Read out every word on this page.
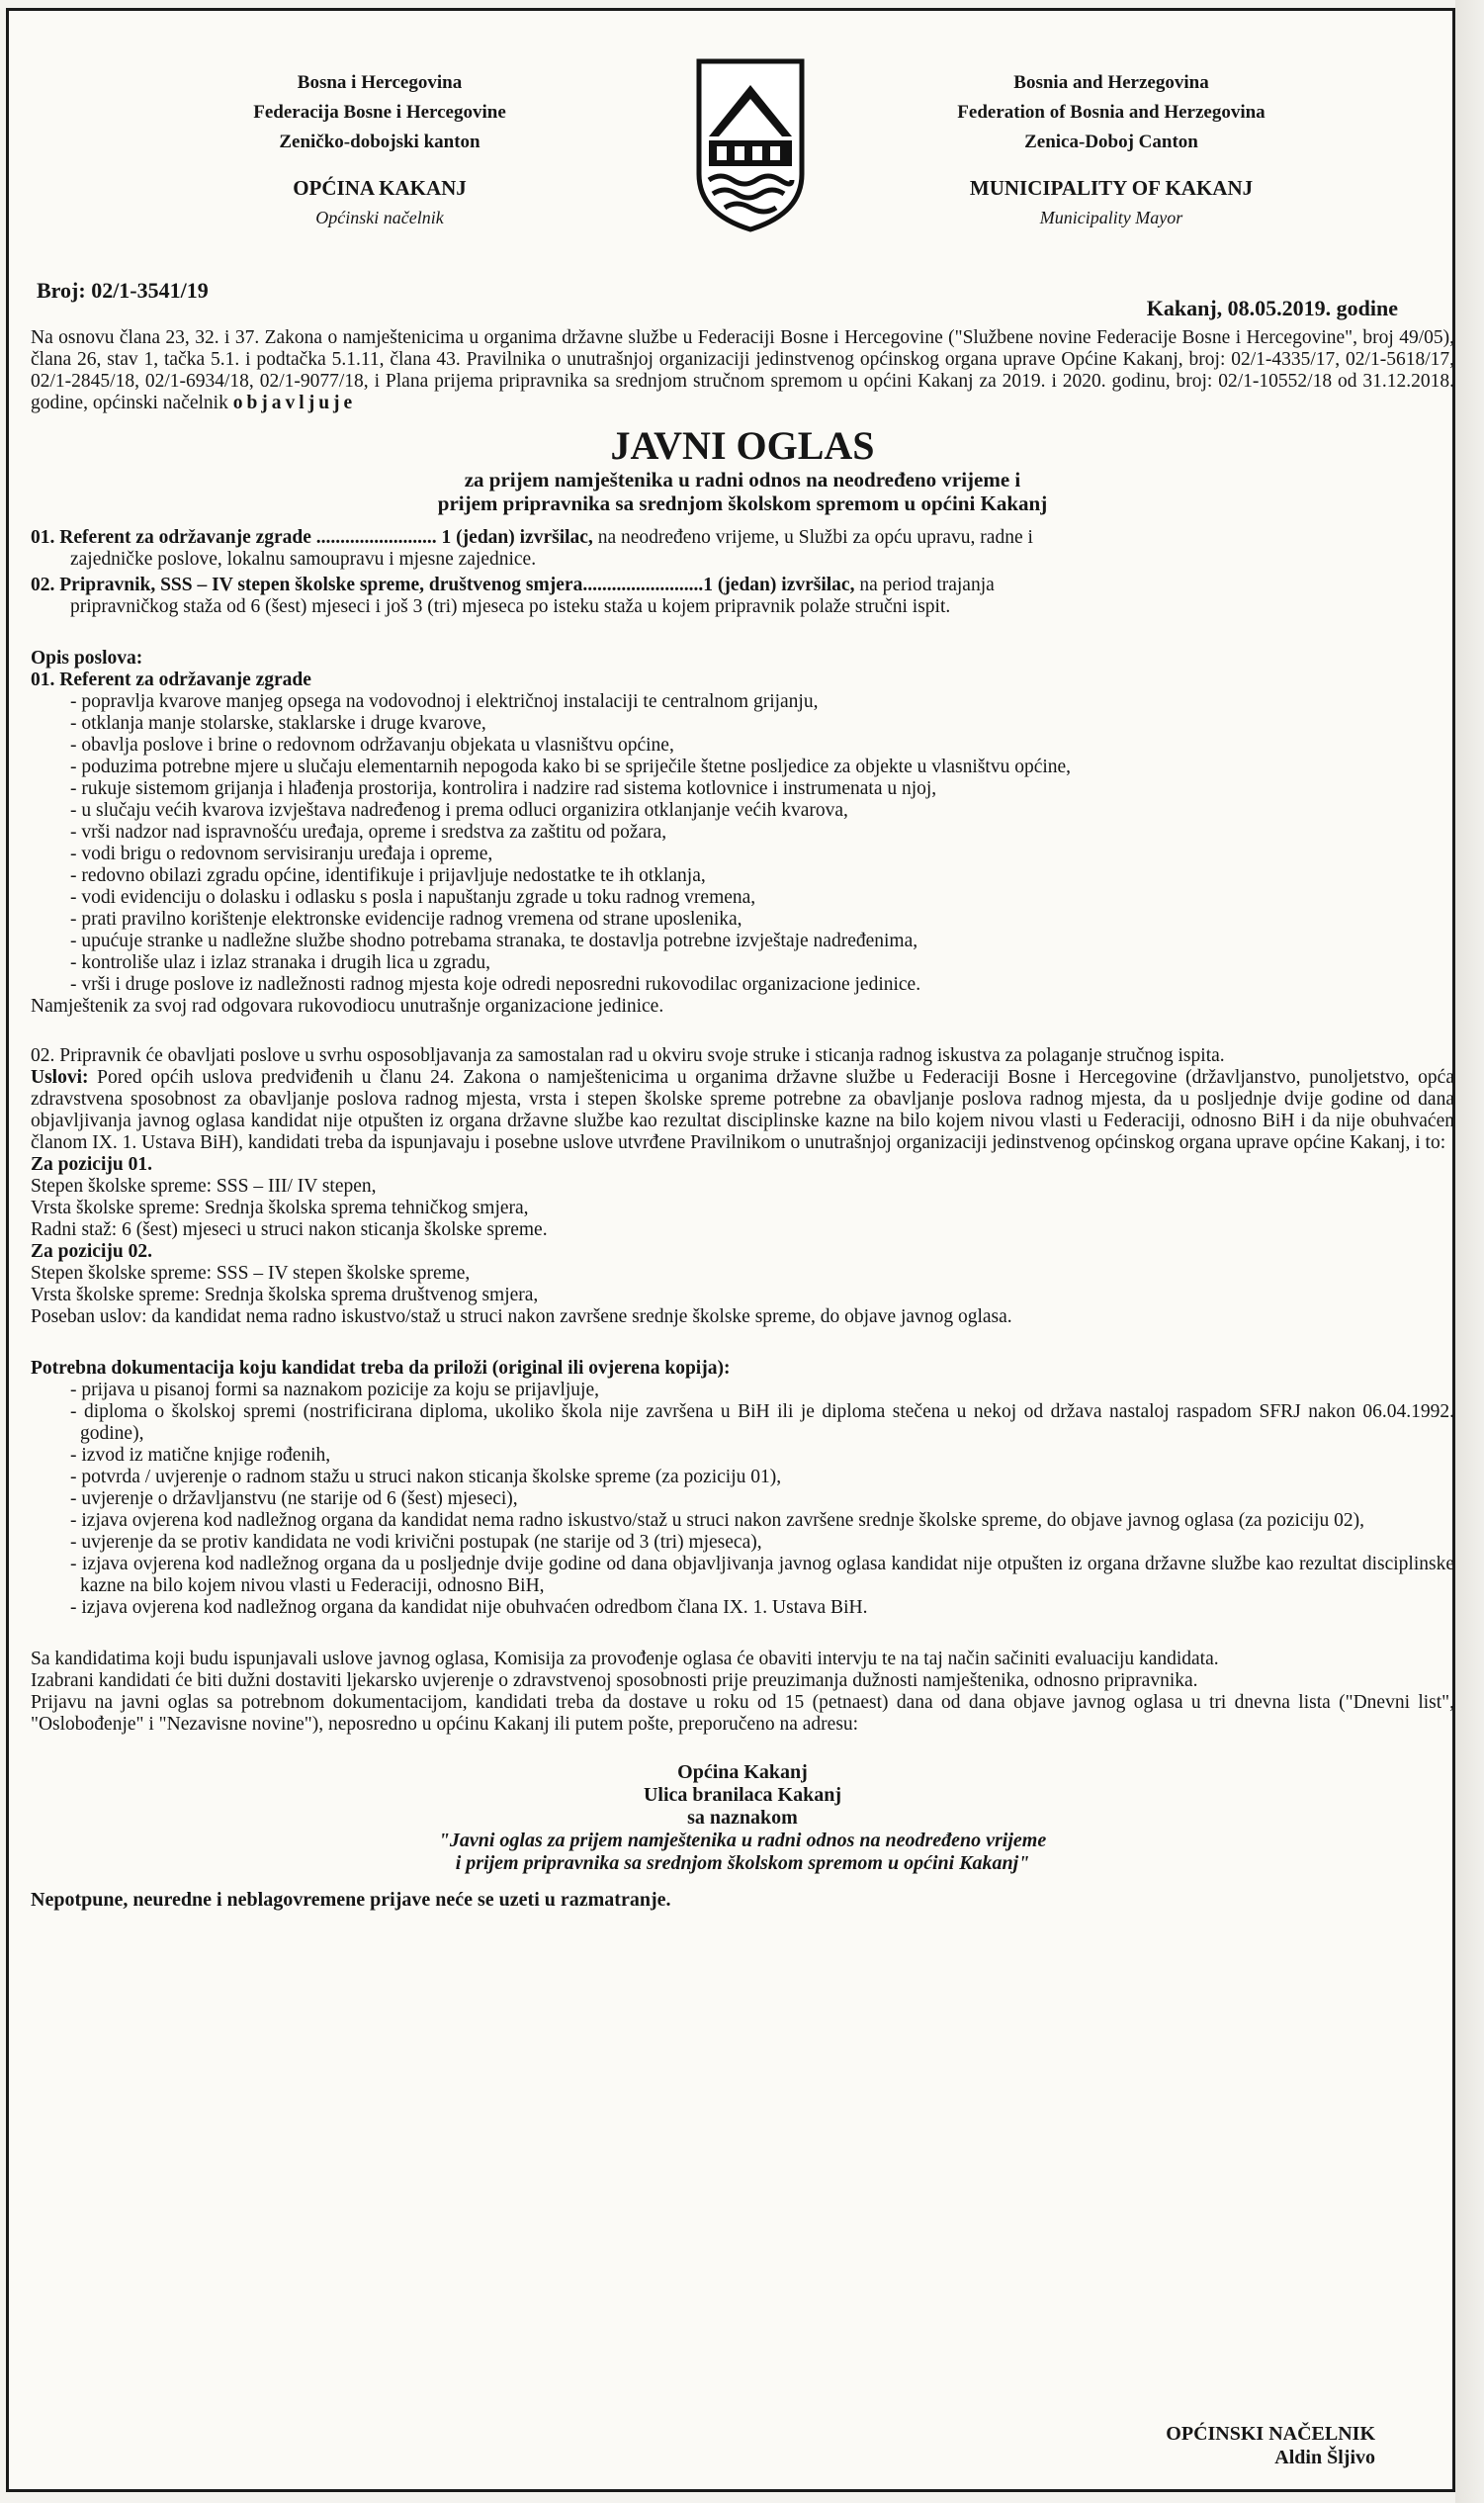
Bosna i Hercegovina
Federacija Bosne i Hercegovine
Zeničko-dobojski kanton
OPĆINA KAKANJ
Općinski načelnik
Bosnia and Herzegovina
Federation of Bosnia and Herzegovina
Zenica-Doboj Canton
MUNICIPALITY OF KAKANJ
Municipality Mayor
Broj: 02/1-3541/19
Kakanj, 08.05.2019. godine

Na osnovu člana 23, 32. i 37. Zakona o namještenicima u organima državne službe u Federaciji Bosne i Hercegovine ("Službene novine Federacije Bosne i Hercegovine", broj 49/05), člana 26, stav 1, tačka 5.1. i podtačka 5.1.11, člana 43. Pravilnika o unutrašnjoj organizaciji jedinstvenog općinskog organa uprave Općine Kakanj, broj: 02/1-4335/17, 02/1-5618/17, 02/1-2845/18, 02/1-6934/18, 02/1-9077/18, i Plana prijema pripravnika sa srednjom stručnom spremom u općini Kakanj za 2019. i 2020. godinu, broj: 02/1-10552/18 od 31.12.2018. godine, općinski načelnik objavljuje

JAVNI OGLAS
za prijem namještenika u radni odnos na neodređeno vrijeme i
prijem pripravnika sa srednjom školskom spremom u općini Kakanj

01. Referent za održavanje zgrade ......................... 1 (jedan) izvršilac, na neodređeno vrijeme, u Službi za opću upravu, radne i

zajedničke poslove, lokalnu samoupravu i mjesne zajednice.

02. Pripravnik, SSS – IV stepen školske spreme, društvenog smjera.........................1 (jedan) izvršilac, na period trajanja

pripravničkog staža od 6 (šest) mjeseci i još 3 (tri) mjeseca po isteku staža u kojem pripravnik polaže stručni ispit.

Opis poslova:

01. Referent za održavanje zgrade

- popravlja kvarove manjeg opsega na vodovodnoj i električnoj instalaciji te centralnom grijanju,

- otklanja manje stolarske, staklarske i druge kvarove,

- obavlja poslove i brine o redovnom održavanju objekata u vlasništvu općine,

- poduzima potrebne mjere u slučaju elementarnih nepogoda kako bi se spriječile štetne posljedice za objekte u vlasništvu općine,

- rukuje sistemom grijanja i hlađenja prostorija, kontrolira i nadzire rad sistema kotlovnice i instrumenata u njoj,

- u slučaju većih kvarova izvještava nadređenog i prema odluci organizira otklanjanje većih kvarova,

- vrši nadzor nad ispravnošću uređaja, opreme i sredstva za zaštitu od požara,

- vodi brigu o redovnom servisiranju uređaja i opreme,

- redovno obilazi zgradu općine, identifikuje i prijavljuje nedostatke te ih otklanja,

- vodi evidenciju o dolasku i odlasku s posla i napuštanju zgrade u toku radnog vremena,

- prati pravilno korištenje elektronske evidencije radnog vremena od strane uposlenika,

- upućuje stranke u nadležne službe shodno potrebama stranaka, te dostavlja potrebne izvještaje nadređenima,

- kontroliše ulaz i izlaz stranaka i drugih lica u zgradu,

- vrši i druge poslove iz nadležnosti radnog mjesta koje odredi neposredni rukovodilac organizacione jedinice.

Namještenik za svoj rad odgovara rukovodiocu unutrašnje organizacione jedinice.

02. Pripravnik će obavljati poslove u svrhu osposobljavanja za samostalan rad u okviru svoje struke i sticanja radnog iskustva za polaganje stručnog ispita.

Uslovi: Pored općih uslova predviđenih u članu 24. Zakona o namještenicima u organima državne službe u Federaciji Bosne i Hercegovine (državljanstvo, punoljetstvo, opća zdravstvena sposobnost za obavljanje poslova radnog mjesta, vrsta i stepen školske spreme potrebne za obavljanje poslova radnog mjesta, da u posljednje dvije godine od dana objavljivanja javnog oglasa kandidat nije otpušten iz organa državne službe kao rezultat disciplinske kazne na bilo kojem nivou vlasti u Federaciji, odnosno BiH i da nije obuhvaćen članom IX. 1. Ustava BiH), kandidati treba da ispunjavaju i posebne uslove utvrđene Pravilnikom o unutrašnjoj organizaciji jedinstvenog općinskog organa uprave općine Kakanj, i to:

Za poziciju 01.

Stepen školske spreme: SSS – III/ IV stepen,

Vrsta školske spreme: Srednja školska sprema tehničkog smjera,

Radni staž: 6 (šest) mjeseci u struci nakon sticanja školske spreme.

Za poziciju 02.

Stepen školske spreme: SSS – IV stepen školske spreme,

Vrsta školske spreme: Srednja školska sprema društvenog smjera,

Poseban uslov: da kandidat nema radno iskustvo/staž u struci nakon završene srednje školske spreme, do objave javnog oglasa.

Potrebna dokumentacija koju kandidat treba da priloži (original ili ovjerena kopija):

- prijava u pisanoj formi sa naznakom pozicije za koju se prijavljuje,

- diploma o školskoj spremi (nostrificirana diploma, ukoliko škola nije završena u BiH ili je diploma stečena u nekoj od država nastalој raspadom SFRJ nakon 06.04.1992. godine),

- izvod iz matične knjige rođenih,

- potvrda / uvjerenje o radnom stažu u struci nakon sticanja školske spreme (za poziciju 01),

- uvjerenje o državljanstvu (ne starije od 6 (šest) mjeseci),

- izjava ovjerena kod nadležnog organa da kandidat nema radno iskustvo/staž u struci nakon završene srednje školske spreme, do objave javnog oglasa (za poziciju 02),

- uvjerenje da se protiv kandidata ne vodi krivični postupak (ne starije od 3 (tri) mjeseca),

- izjava ovjerena kod nadležnog organa da u posljednje dvije godine od dana objavljivanja javnog oglasa kandidat nije otpušten iz organa državne službe kao rezultat disciplinske kazne na bilo kojem nivou vlasti u Federaciji, odnosno BiH,

- izjava ovjerena kod nadležnog organa da kandidat nije obuhvaćen odredbom člana IX. 1. Ustava BiH.

Sa kandidatima koji budu ispunjavali uslove javnog oglasa, Komisija za provođenje oglasa će obaviti intervju te na taj način sačiniti evaluaciju kandidata.

Izabrani kandidati će biti dužni dostaviti ljekarsko uvjerenje o zdravstvenoj sposobnosti prije preuzimanja dužnosti namještenika, odnosno pripravnika.

Prijavu na javni oglas sa potrebnom dokumentacijom, kandidati treba da dostave u roku od 15 (petnaest) dana od dana objave javnog oglasa u tri dnevna lista ("Dnevni list", "Oslobođenje" i "Nezavisne novine"), neposredno u općinu Kakanj ili putem pošte, preporučeno na adresu:

Općina Kakanj
Ulica branilaca Kakanj
sa naznakom
"Javni oglas za prijem namještenika u radni odnos na neodređeno vrijeme
i prijem pripravnika sa srednjom školskom spremom u općini Kakanj"

Nepotpune, neuredne i neblagovremene prijave neće se uzeti u razmatranje.

OPĆINSKI NAČELNIK
Aldin Šljivo
